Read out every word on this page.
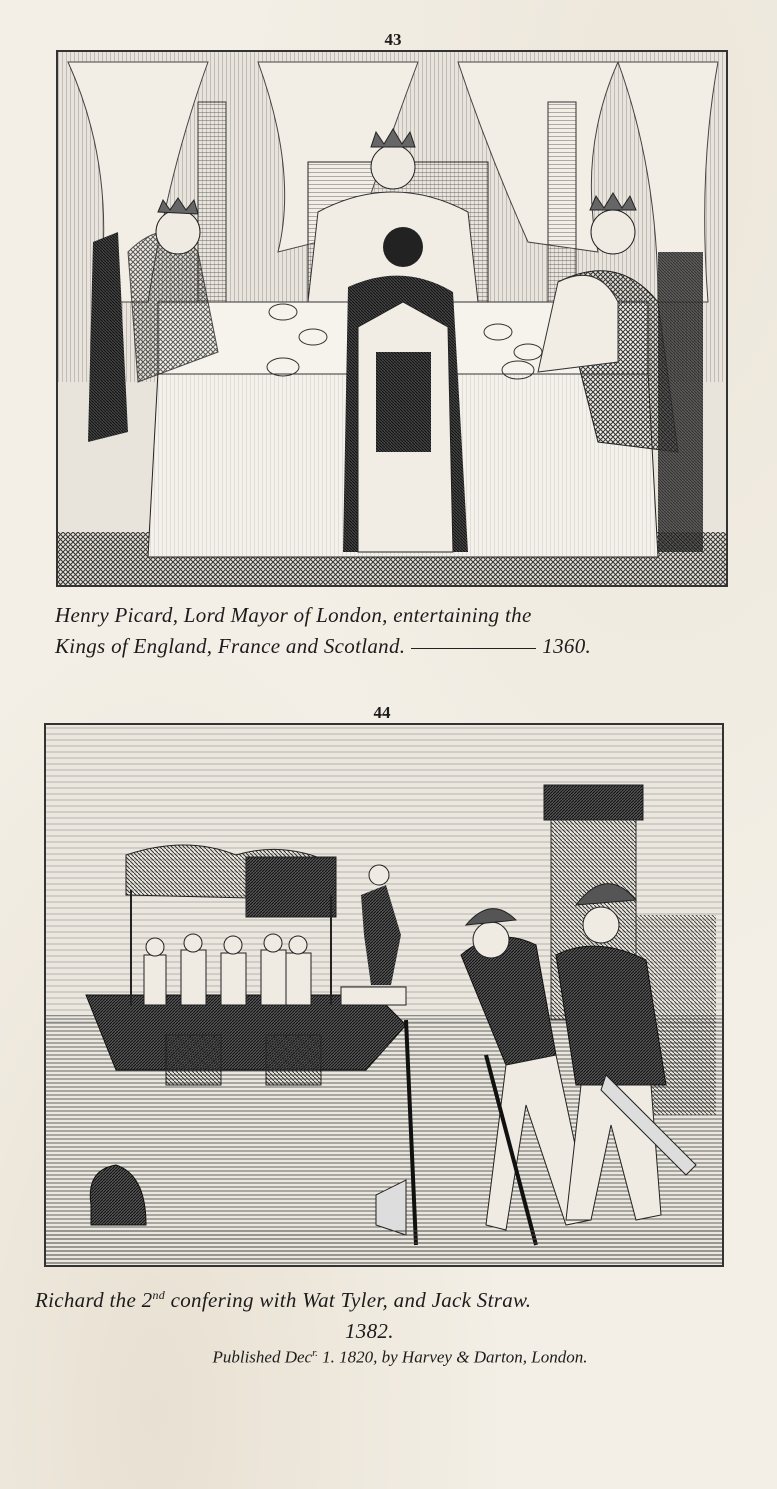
43
Henry Picard, Lord Mayor of London, entertaining the
Kings of England, France and Scotland.	1360.
44
Richard the 2nd confering with Wat Tyler, and Jack Straw.
1382.
Published Dec$^{r.}$ 1. 1820, by Harvey & Darton, London.
